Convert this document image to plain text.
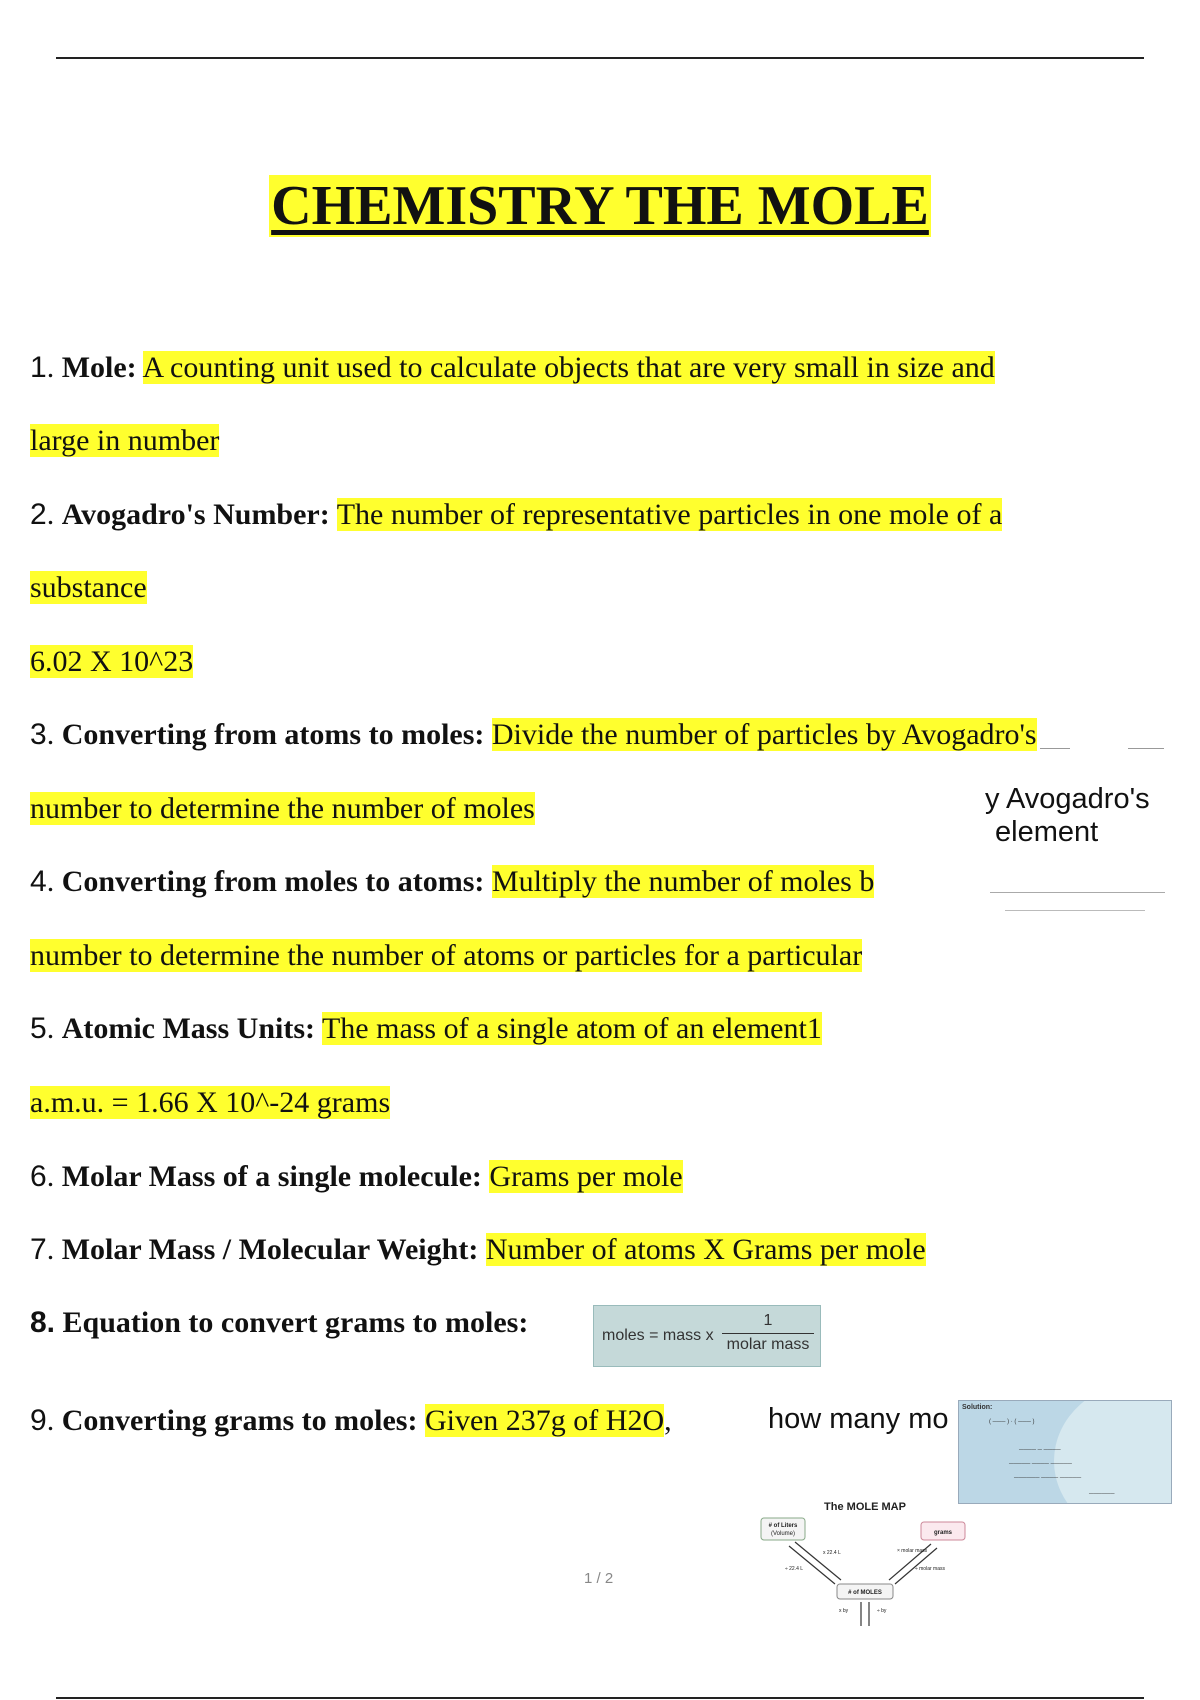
CHEMISTRY THE MOLE
1. Mole: A counting unit used to calculate objects that are very small in size and
large in number
2. Avogadro's Number: The number of representative particles in one mole of a
substance
6.02 X 10^23
3. Converting from atoms to moles: Divide the number of particles by Avogadro's
number to determine the number of moles	y Avogadro's
element
4. Converting from moles to atoms: Multiply the number of moles b
number to determine the number of atoms or particles for a particular
5. Atomic Mass Units: The mass of a single atom of an element1
a.m.u. = 1.66 X 10^-24 grams
6. Molar Mass of a single molecule: Grams per mole
7. Molar Mass / Molecular Weight: Number of atoms X Grams per mole
8. Equation to convert grams to moles:	moles = mass x
1
molar mass
9. Converting grams to moles: Given 237g of H2O,	how many mo Solution:
( ─── ) · ( ─── )
──── ─ ────
───── ──── ─────
────── ──── ─────
──────
The MOLE MAP
# of Liters
(Volume)	grams
# of MOLES
x 22.4 L
÷ 22.4 L
× molar mass
÷ molar mass
x by	÷ by
1 / 2
